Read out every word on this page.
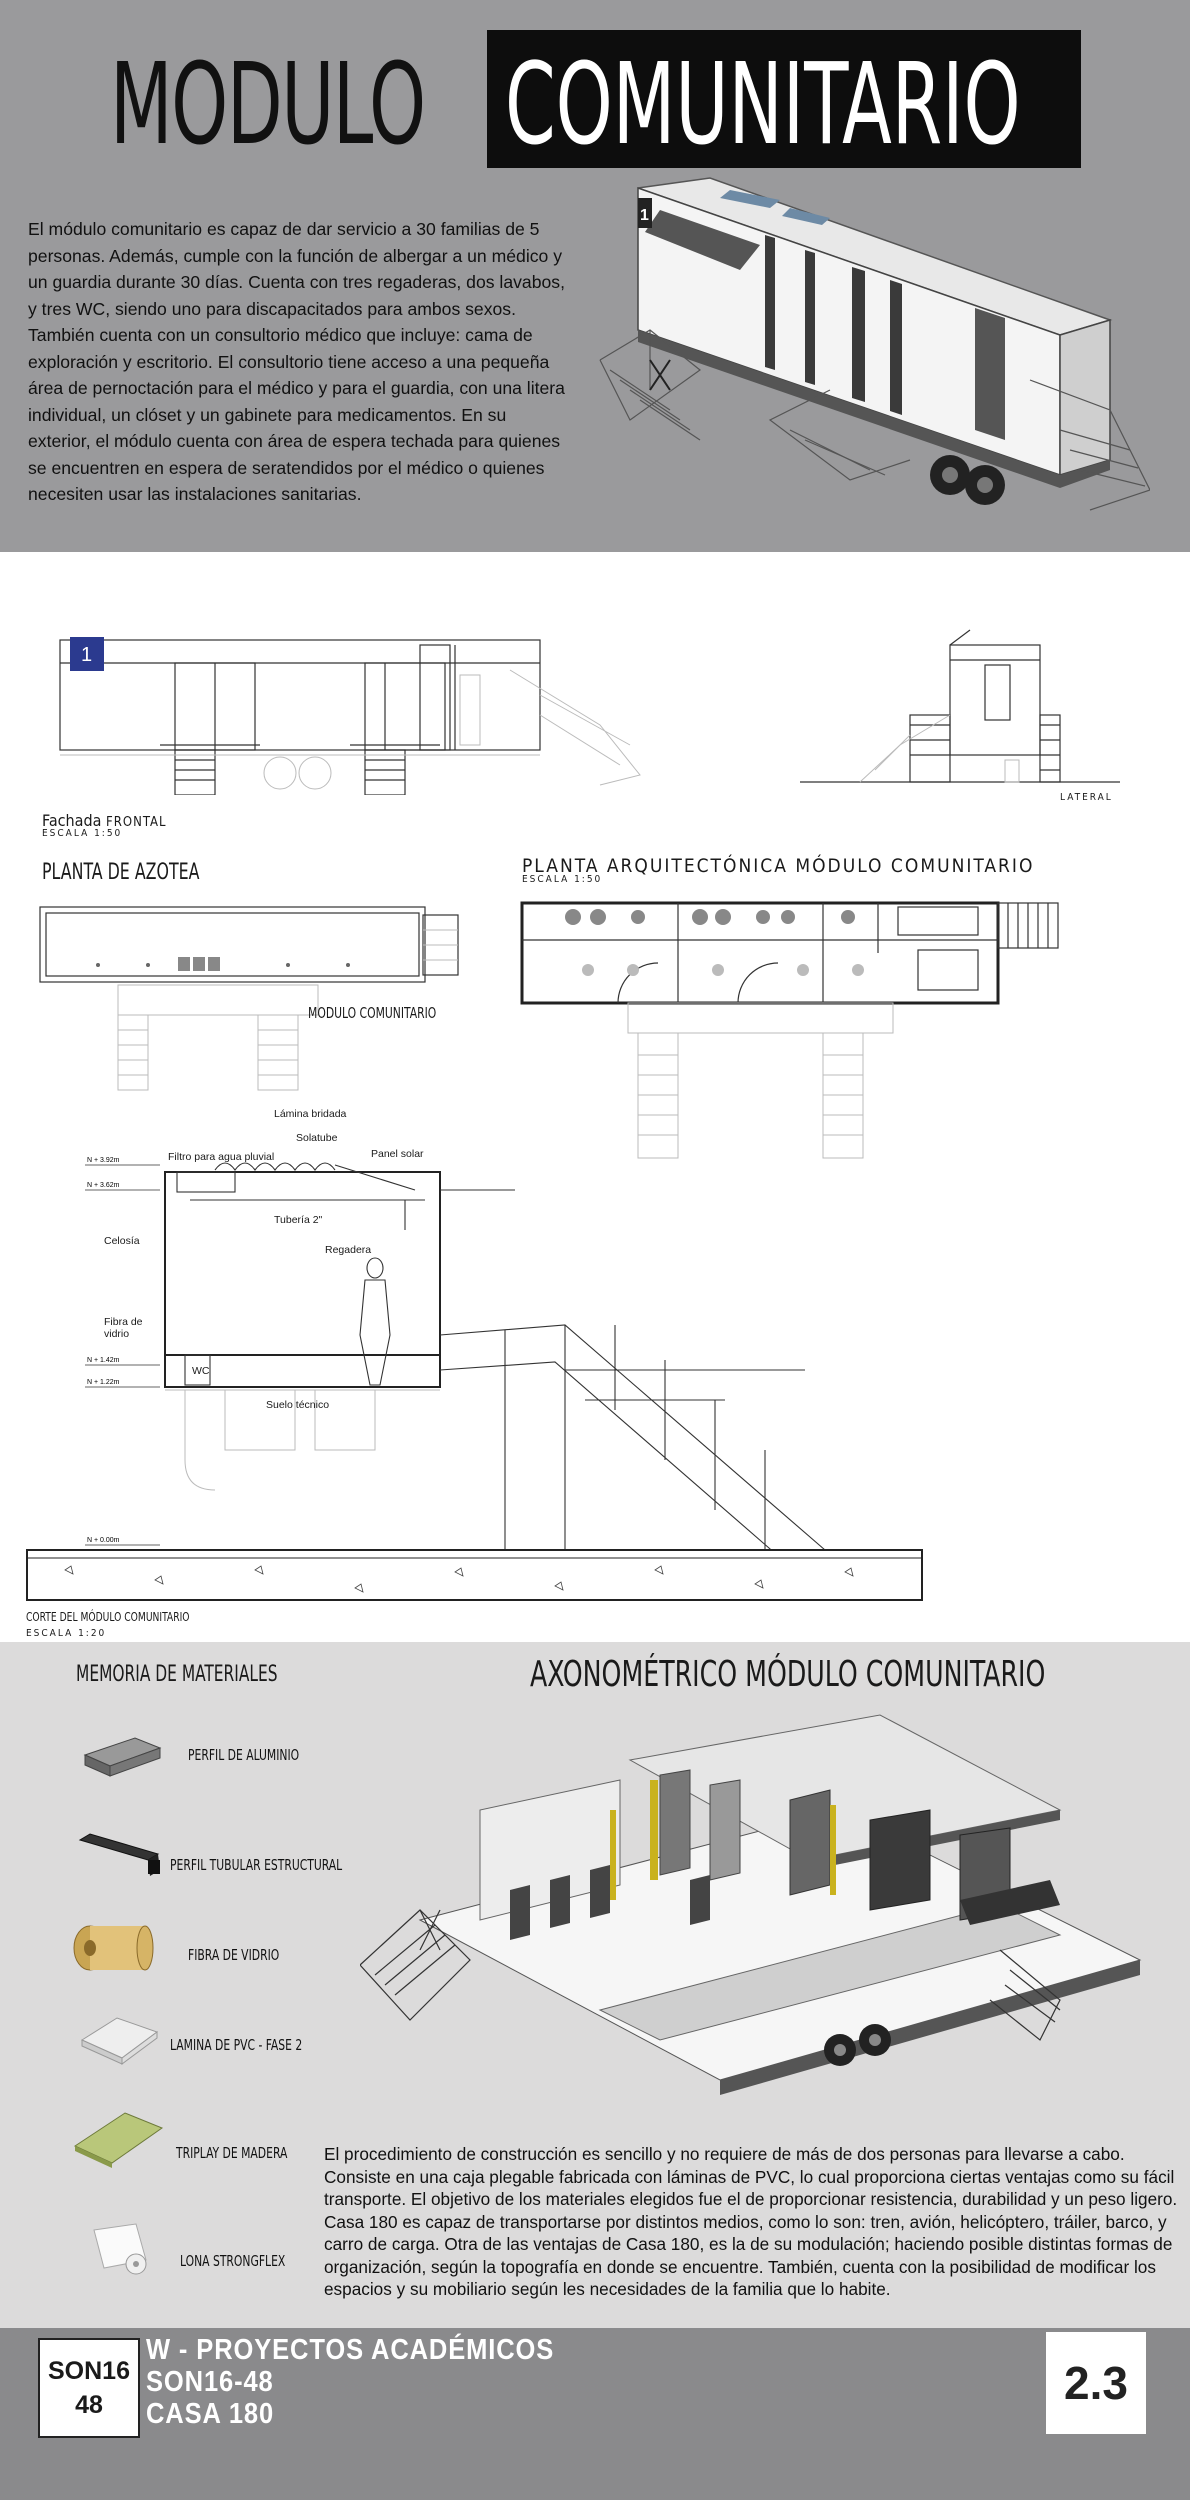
MODULO COMUNITARIO

El módulo comunitario es capaz de dar servicio a 30 familias de 5 personas. Además, cumple con la función de albergar a un médico y un guardia durante 30 días. Cuenta con tres regaderas, dos lavabos, y tres WC, siendo uno para discapacitados para ambos sexos. También cuenta con un consultorio médico que incluye: cama de exploración y escritorio. El consultorio tiene acceso a una pequeña área de pernoctación para el médico y para el guardia, con una litera individual, un clóset y un gabinete para medicamentos. En su exterior, el módulo cuenta con área de espera techada para quienes se encuentren en espera de seratendidos por el médico o quienes necesiten usar las instalaciones sanitarias.

1
1
Fachada FRONTAL
ESCALA 1:50
LATERAL
PLANTA DE AZOTEA
MODULO COMUNITARIO
PLANTA ARQUITECTÓNICA MÓDULO COMUNITARIO
ESCALA 1:50
N + 3.92m
N + 3.62m
N + 1.42m
N + 1.22m
N + 0.00m
Lámina bridada
Solatube
Filtro para agua pluvial	Panel solar
Tubería 2"
Regadera
Celosía
Fibra de
vidrio
WC
Suelo técnico
CORTE DEL MÓDULO COMUNITARIO
ESCALA 1:20
MEMORIA DE MATERIALES	AXONOMÉTRICO MÓDULO COMUNITARIO
PERFIL DE ALUMINIO
PERFIL TUBULAR ESTRUCTURAL
FIBRA DE VIDRIO
LAMINA DE PVC - FASE 2
TRIPLAY DE MADERA
LONA STRONGFLEX

El procedimiento de construcción es sencillo y no requiere de más de dos personas para llevarse a cabo. Consiste en una caja plegable fabricada con láminas de PVC, lo cual proporciona ciertas ventajas como su fácil transporte. El objetivo de los materiales elegidos fue el de proporcionar resistencia, durabilidad y un peso ligero. Casa 180 es capaz de transportarse por distintos medios, como lo son: tren, avión, helicóptero, tráiler, barco, y carro de carga. Otra de las ventajas de Casa 180, es la de su modulación; haciendo posible distintas formas de organización, según la topografía en donde se encuentre. También, cuenta con la posibilidad de modificar los espacios y su mobiliario según les necesidades de la familia que lo habite.

SON16
48
W - PROYECTOS ACADÉMICOS
SON16-48
CASA 180
2.3
